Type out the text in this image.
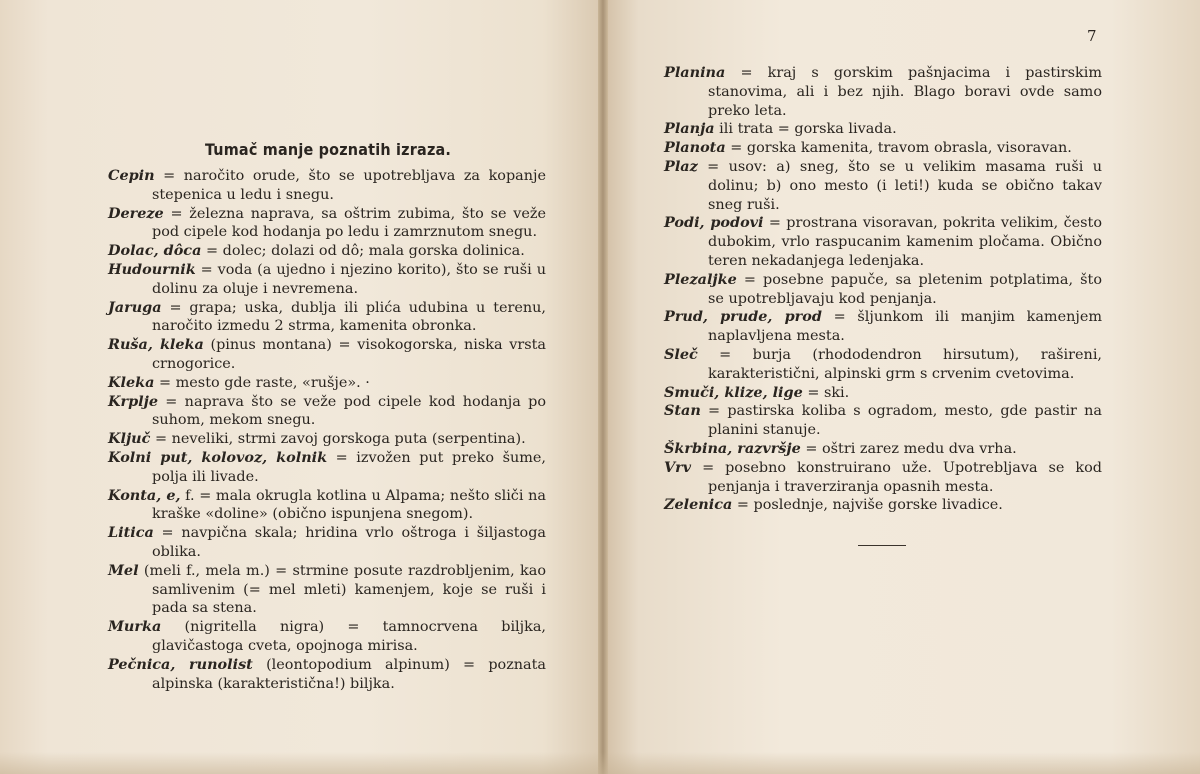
7
Tumač manje poznatih izraza.

Cepin = naročito orude, što se upotrebljava za kopanje stepenica u ledu i snegu.

Dereze = železna naprava, sa oštrim zubima, što se veže pod cipele kod hodanja po ledu i zamrznutom snegu.

Dolac, dôca = dolec; dolazi od dô; mala gorska dolinica.

Hudournik = voda (a ujedno i njezino korito), što se ruši u dolinu za oluje i nevremena.

Jaruga = grapa; uska, dublja ili plića udubina u terenu, naročito izmedu 2 strma, kamenita obronka.

Ruša, kleka (pinus montana) = visokogorska, niska vrsta crnogorice.

Kleka = mesto gde raste, «rušje». ·

Krplje = naprava što se veže pod cipele kod hodanja po suhom, mekom snegu.

Ključ = neveliki, strmi zavoj gorskoga puta (serpentina).

Kolni put, kolovoz, kolnik = izvožen put preko šume, polja ili livade.

Konta, e, f. = mala okrugla kotlina u Alpama; nešto sliči na kraške «doline» (obično ispunjena snegom).

Litica = navpična skala; hridina vrlo oštroga i šiljastoga oblika.

Mel (meli f., mela m.) = strmine posute razdrobljenim, kao samlivenim (= mel mleti) kamenjem, koje se ruši i pada sa stena.

Murka (nigritella nigra) = tamnocrvena biljka, glavičastoga cveta, opojnoga mirisa.

Pečnica, runolist (leontopodium alpinum) = poznata alpinska (karakteristična!) biljka.

Planina = kraj s gorskim pašnjacima i pastirskim stanovima, ali i bez njih. Blago boravi ovde samo preko leta.

Planja ili trata = gorska livada.

Planota = gorska kamenita, travom obrasla, visoravan.

Plaz = usov: a) sneg, što se u velikim masama ruši u dolinu; b) ono mesto (i leti!) kuda se obično takav sneg ruši.

Podi, podovi = prostrana visoravan, pokrita velikim, često dubokim, vrlo raspucanim kamenim pločama. Obično teren nekadanjega ledenjaka.

Plezaljke = posebne papuče, sa pletenim potplatima, što se upotrebljavaju kod penjanja.

Prud, prude, prod = šljunkom ili manjim kamenjem naplavljena mesta.

Sleč = burja (rhododendron hirsutum), rašireni, karakteristični, alpinski grm s crvenim cvetovima.

Smuči, klize, lige = ski.

Stan = pastirska koliba s ogradom, mesto, gde pastir na planini stanuje.

Škrbina, razvršje = oštri zarez medu dva vrha.

Vrv = posebno konstruirano uže. Upotrebljava se kod penjanja i traverziranja opasnih mesta.

Zelenica = poslednje, najviše gorske livadice.
